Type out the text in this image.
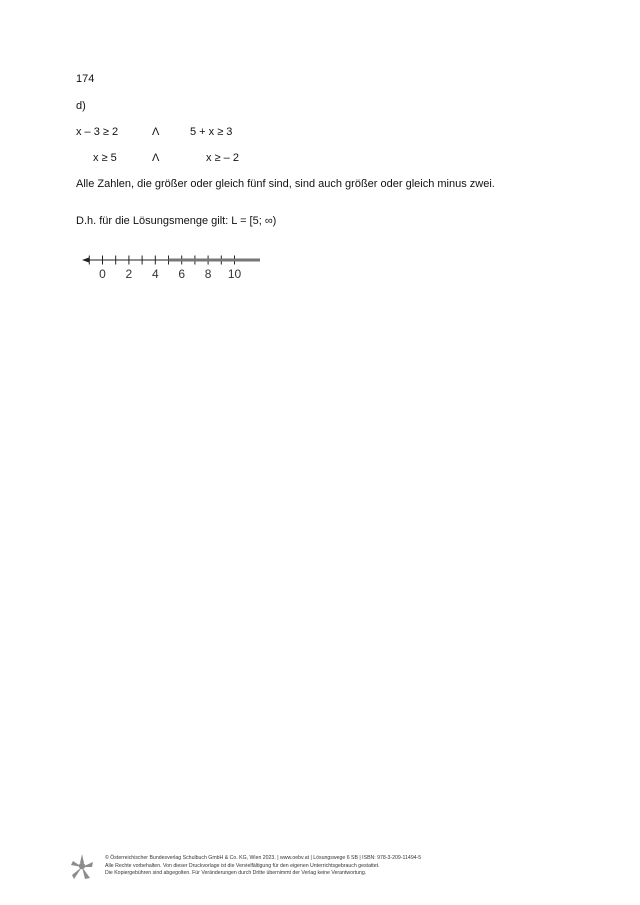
174
d)
x – 3 ≥ 2	Λ	5 + x ≥ 3
x ≥ 5	Λ	x ≥ – 2
Alle Zahlen, die größer oder gleich fünf sind, sind auch größer oder gleich minus zwei.
D.h. für die Lösungsmenge gilt: L = [5; ∞)
0 2 4 6 8 10
© Österreichischer Bundesverlag Schulbuch GmbH & Co. KG, Wien 2023. | www.oebv.at | Lösungswege 6 SB | ISBN: 978-3-209-11494-5
Alle Rechte vorbehalten. Von dieser Druckvorlage ist die Vervielfältigung für den eigenen Unterrichtsgebrauch gestattet.
Die Kopiergebühren sind abgegolten. Für Veränderungen durch Dritte übernimmt der Verlag keine Verantwortung.
